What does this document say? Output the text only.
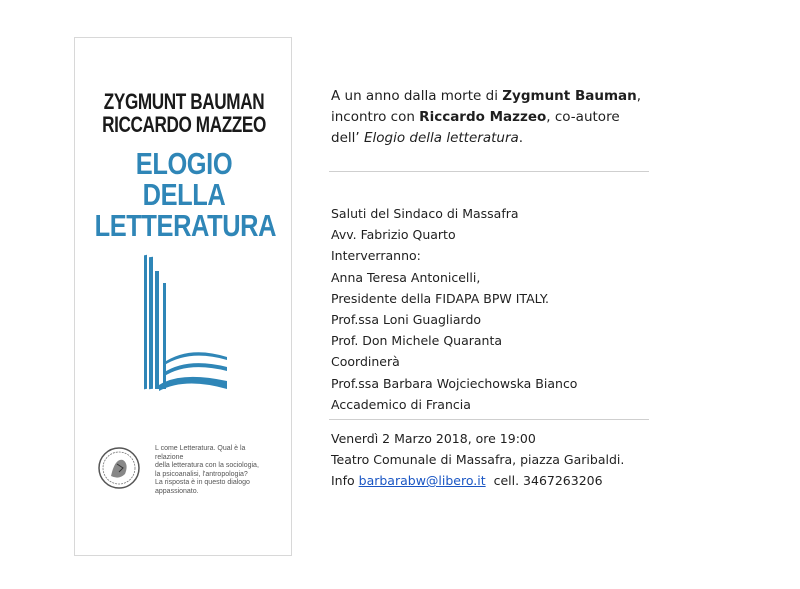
ZYGMUNT BAUMAN
RICCARDO MAZZEO
ELOGIO DELLA
LETTERATURA
L come Letteratura. Qual è la relazione
della letteratura con la sociologia,
la psicoanalisi, l'antropologia?
La risposta è in questo dialogo
appassionato.
A un anno dalla morte di Zygmunt Bauman, incontro con Riccardo Mazzeo, co-autore dell’ Elogio della letteratura.
Saluti del Sindaco di Massafra
Avv. Fabrizio Quarto
Interverranno:
Anna Teresa Antonicelli,
Presidente della FIDAPA BPW ITALY.
Prof.ssa Loni Guagliardo
Prof. Don Michele Quaranta
Coordinerà
Prof.ssa Barbara Wojciechowska Bianco
Accademico di Francia
Venerdì 2 Marzo 2018, ore 19:00
Teatro Comunale di Massafra, piazza Garibaldi.
Info barbarabw@libero.it  cell. 3467263206
